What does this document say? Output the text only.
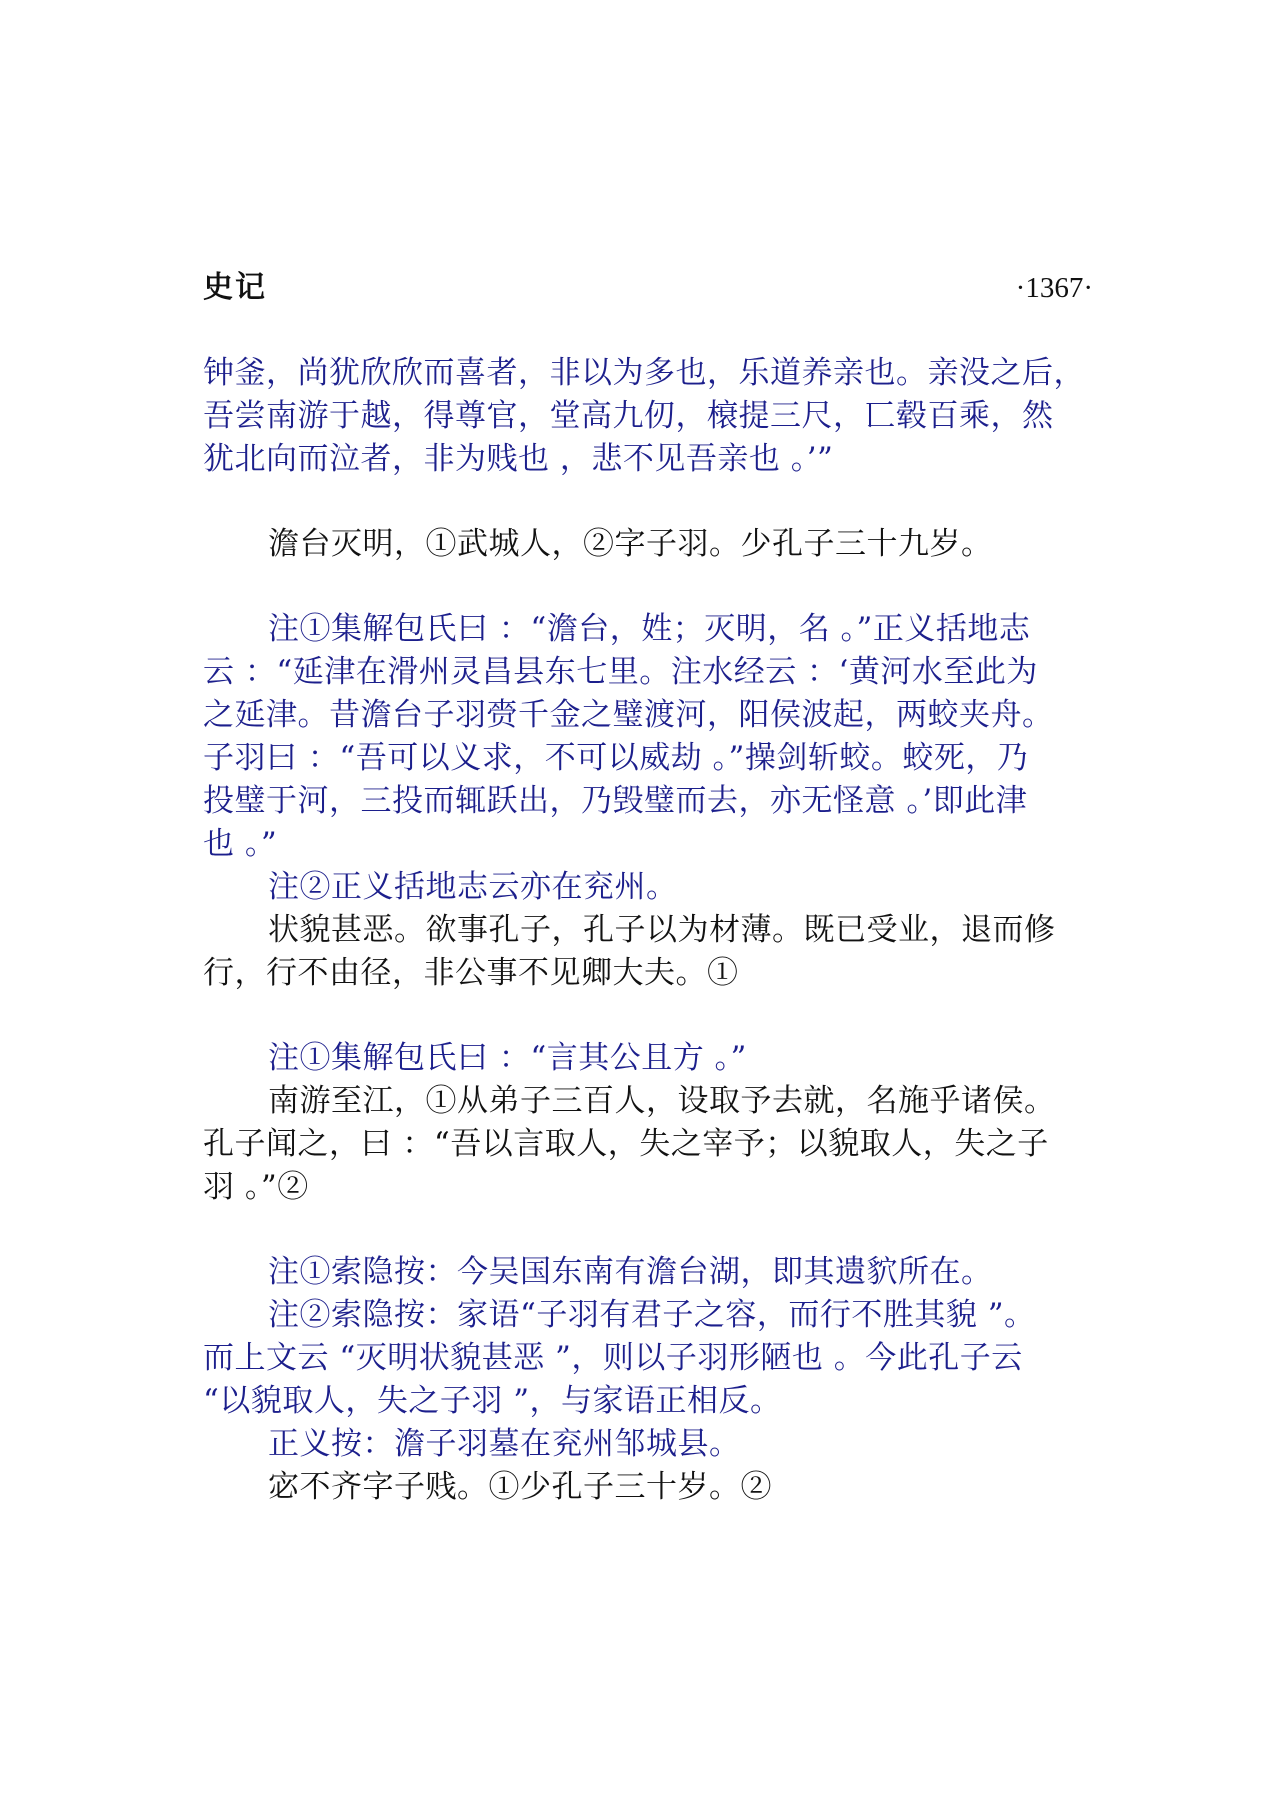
史记	·1367·
钟釜，尚犹欣欣而喜者，非以为多也，乐道养亲也。亲没之后，
吾尝南游于越，得尊官，堂高九仞，榱提三尺，匸毂百乘，然
犹北向而泣者，非为贱也 ，悲不见吾亲也 。’”
澹台灭明，①武城人，②字子羽。少孔子三十九岁。
注①集解包氏曰 ：“澹台，姓；灭明，名 。”正义括地志
云 ：“延津在滑州灵昌县东七里。注水经云 ：‘黄河水至此为
之延津。昔澹台子羽赍千金之璧渡河，阳侯波起，两蛟夹舟。
子羽曰 ：“吾可以义求，不可以威劫 。”操剑斩蛟。蛟死，乃
投璧于河，三投而辄跃出，乃毁璧而去，亦无怪意 。’即此津
也 。”
注②正义括地志云亦在兖州。
状貌甚恶。欲事孔子，孔子以为材薄。既已受业，退而修
行，行不由径，非公事不见卿大夫。①
注①集解包氏曰 ：“言其公且方 。”
南游至江，①从弟子三百人，设取予去就，名施乎诸侯。
孔子闻之，曰 ：“吾以言取人，失之宰予；以貌取人，失之子
羽 。”②
注①索隐按：今吴国东南有澹台湖，即其遗貁所在。
注②索隐按：家语“子羽有君子之容，而行不胜其貌 ”。
而上文云 “灭明状貌甚恶 ”，则以子羽形陋也 。今此孔子云
“以貌取人，失之子羽 ”，与家语正相反。
正义按：澹子羽墓在兖州邹城县。
宓不齐字子贱。①少孔子三十岁。②
